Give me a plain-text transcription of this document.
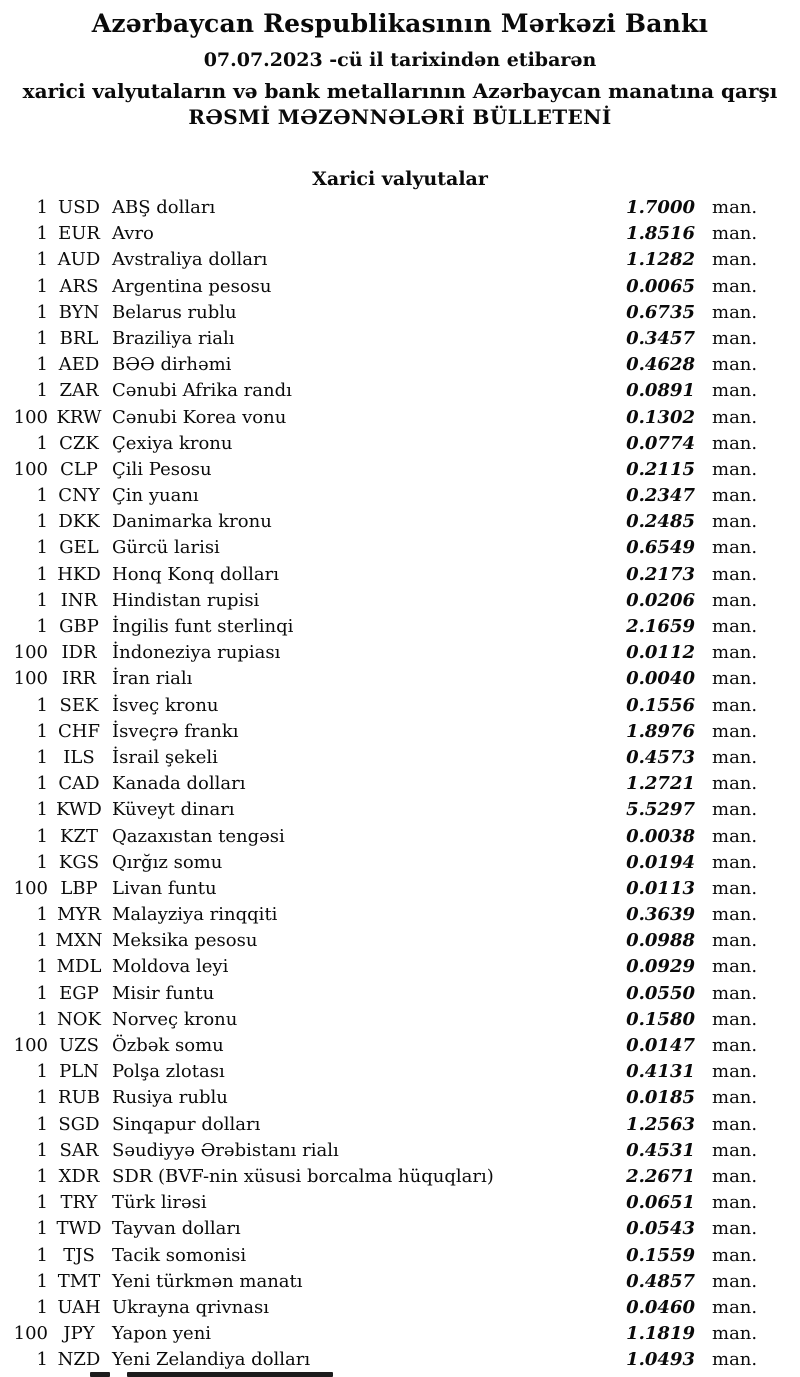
Azərbaycan Respublikasının Mərkəzi Bankı
07.07.2023 -cü il tarixindən etibarən
xarici valyutaların və bank metallarının Azərbaycan manatına qarşı
RƏSMİ MƏZƏNNƏLƏRİ BÜLLETENİ
Xarici valyutalar
1 USD ABŞ dolları	1.7000 man.
1 EUR Avro	1.8516 man.
1 AUD Avstraliya dolları	1.1282 man.
1 ARS Argentina pesosu	0.0065 man.
1 BYN Belarus rublu	0.6735 man.
1 BRL Braziliya rialı	0.3457 man.
1 AED BƏƏ dirhəmi	0.4628 man.
1 ZAR Cənubi Afrika randı	0.0891 man.
100 KRW Cənubi Korea vonu	0.1302 man.
1 CZK Çexiya kronu	0.0774 man.
100 CLP Çili Pesosu	0.2115 man.
1 CNY Çin yuanı	0.2347 man.
1 DKK Danimarka kronu	0.2485 man.
1 GEL Gürcü larisi	0.6549 man.
1 HKD Honq Konq dolları	0.2173 man.
1 INR Hindistan rupisi	0.0206 man.
1 GBP İngilis funt sterlinqi	2.1659 man.
100 IDR İndoneziya rupiası	0.0112 man.
100 IRR İran rialı	0.0040 man.
1 SEK İsveç kronu	0.1556 man.
1 CHF İsveçrə frankı	1.8976 man.
1 ILS İsrail şekeli	0.4573 man.
1 CAD Kanada dolları	1.2721 man.
1 KWD Küveyt dinarı	5.5297 man.
1 KZT Qazaxıstan tengəsi	0.0038 man.
1 KGS Qırğız somu	0.0194 man.
100 LBP Livan funtu	0.0113 man.
1 MYR Malayziya rinqqiti	0.3639 man.
1 MXN Meksika pesosu	0.0988 man.
1 MDL Moldova leyi	0.0929 man.
1 EGP Misir funtu	0.0550 man.
1 NOK Norveç kronu	0.1580 man.
100 UZS Özbək somu	0.0147 man.
1 PLN Polşa zlotası	0.4131 man.
1 RUB Rusiya rublu	0.0185 man.
1 SGD Sinqapur dolları	1.2563 man.
1 SAR Səudiyyə Ərəbistanı rialı	0.4531 man.
1 XDR SDR (BVF-nin xüsusi borcalma hüquqları)	2.2671 man.
1 TRY Türk lirəsi	0.0651 man.
1 TWD Tayvan dolları	0.0543 man.
1 TJS Tacik somonisi	0.1559 man.
1 TMT Yeni türkmən manatı	0.4857 man.
1 UAH Ukrayna qrivnası	0.0460 man.
100 JPY Yapon yeni	1.1819 man.
1 NZD Yeni Zelandiya dolları	1.0493 man.
